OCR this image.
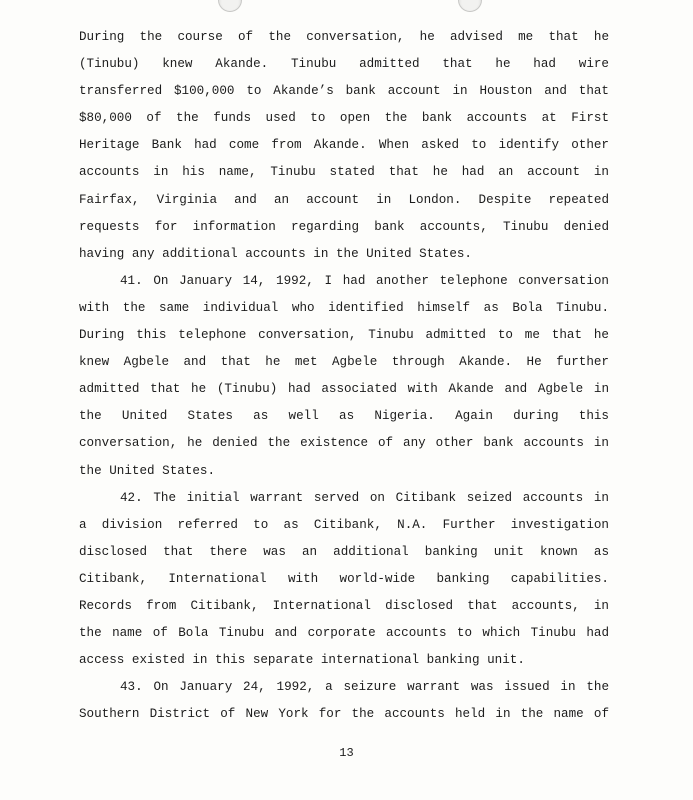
During the course of the conversation, he advised me that he
(Tinubu) knew Akande. Tinubu admitted that he had wire
transferred $100,000 to Akande’s bank account in Houston and that
$80,000 of the funds used to open the bank accounts at First
Heritage Bank had come from Akande. When asked to identify other
accounts in his name, Tinubu stated that he had an account in
Fairfax, Virginia and an account in London. Despite repeated
requests for information regarding bank accounts, Tinubu denied
having any additional accounts in the United States.
41. On January 14, 1992, I had another telephone conversation
with the same individual who identified himself as Bola Tinubu.
During this telephone conversation, Tinubu admitted to me that he
knew Agbele and that he met Agbele through Akande. He further
admitted that he (Tinubu) had associated with Akande and Agbele in
the United States as well as Nigeria. Again during this
conversation, he denied the existence of any other bank accounts in
the United States.
42. The initial warrant served on Citibank seized accounts in
a division referred to as Citibank, N.A. Further investigation
disclosed that there was an additional banking unit known as
Citibank, International with world-wide banking capabilities.
Records from Citibank, International disclosed that accounts, in
the name of Bola Tinubu and corporate accounts to which Tinubu had
access existed in this separate international banking unit.
43. On January 24, 1992, a seizure warrant was issued in the
Southern District of New York for the accounts held in the name of
13
